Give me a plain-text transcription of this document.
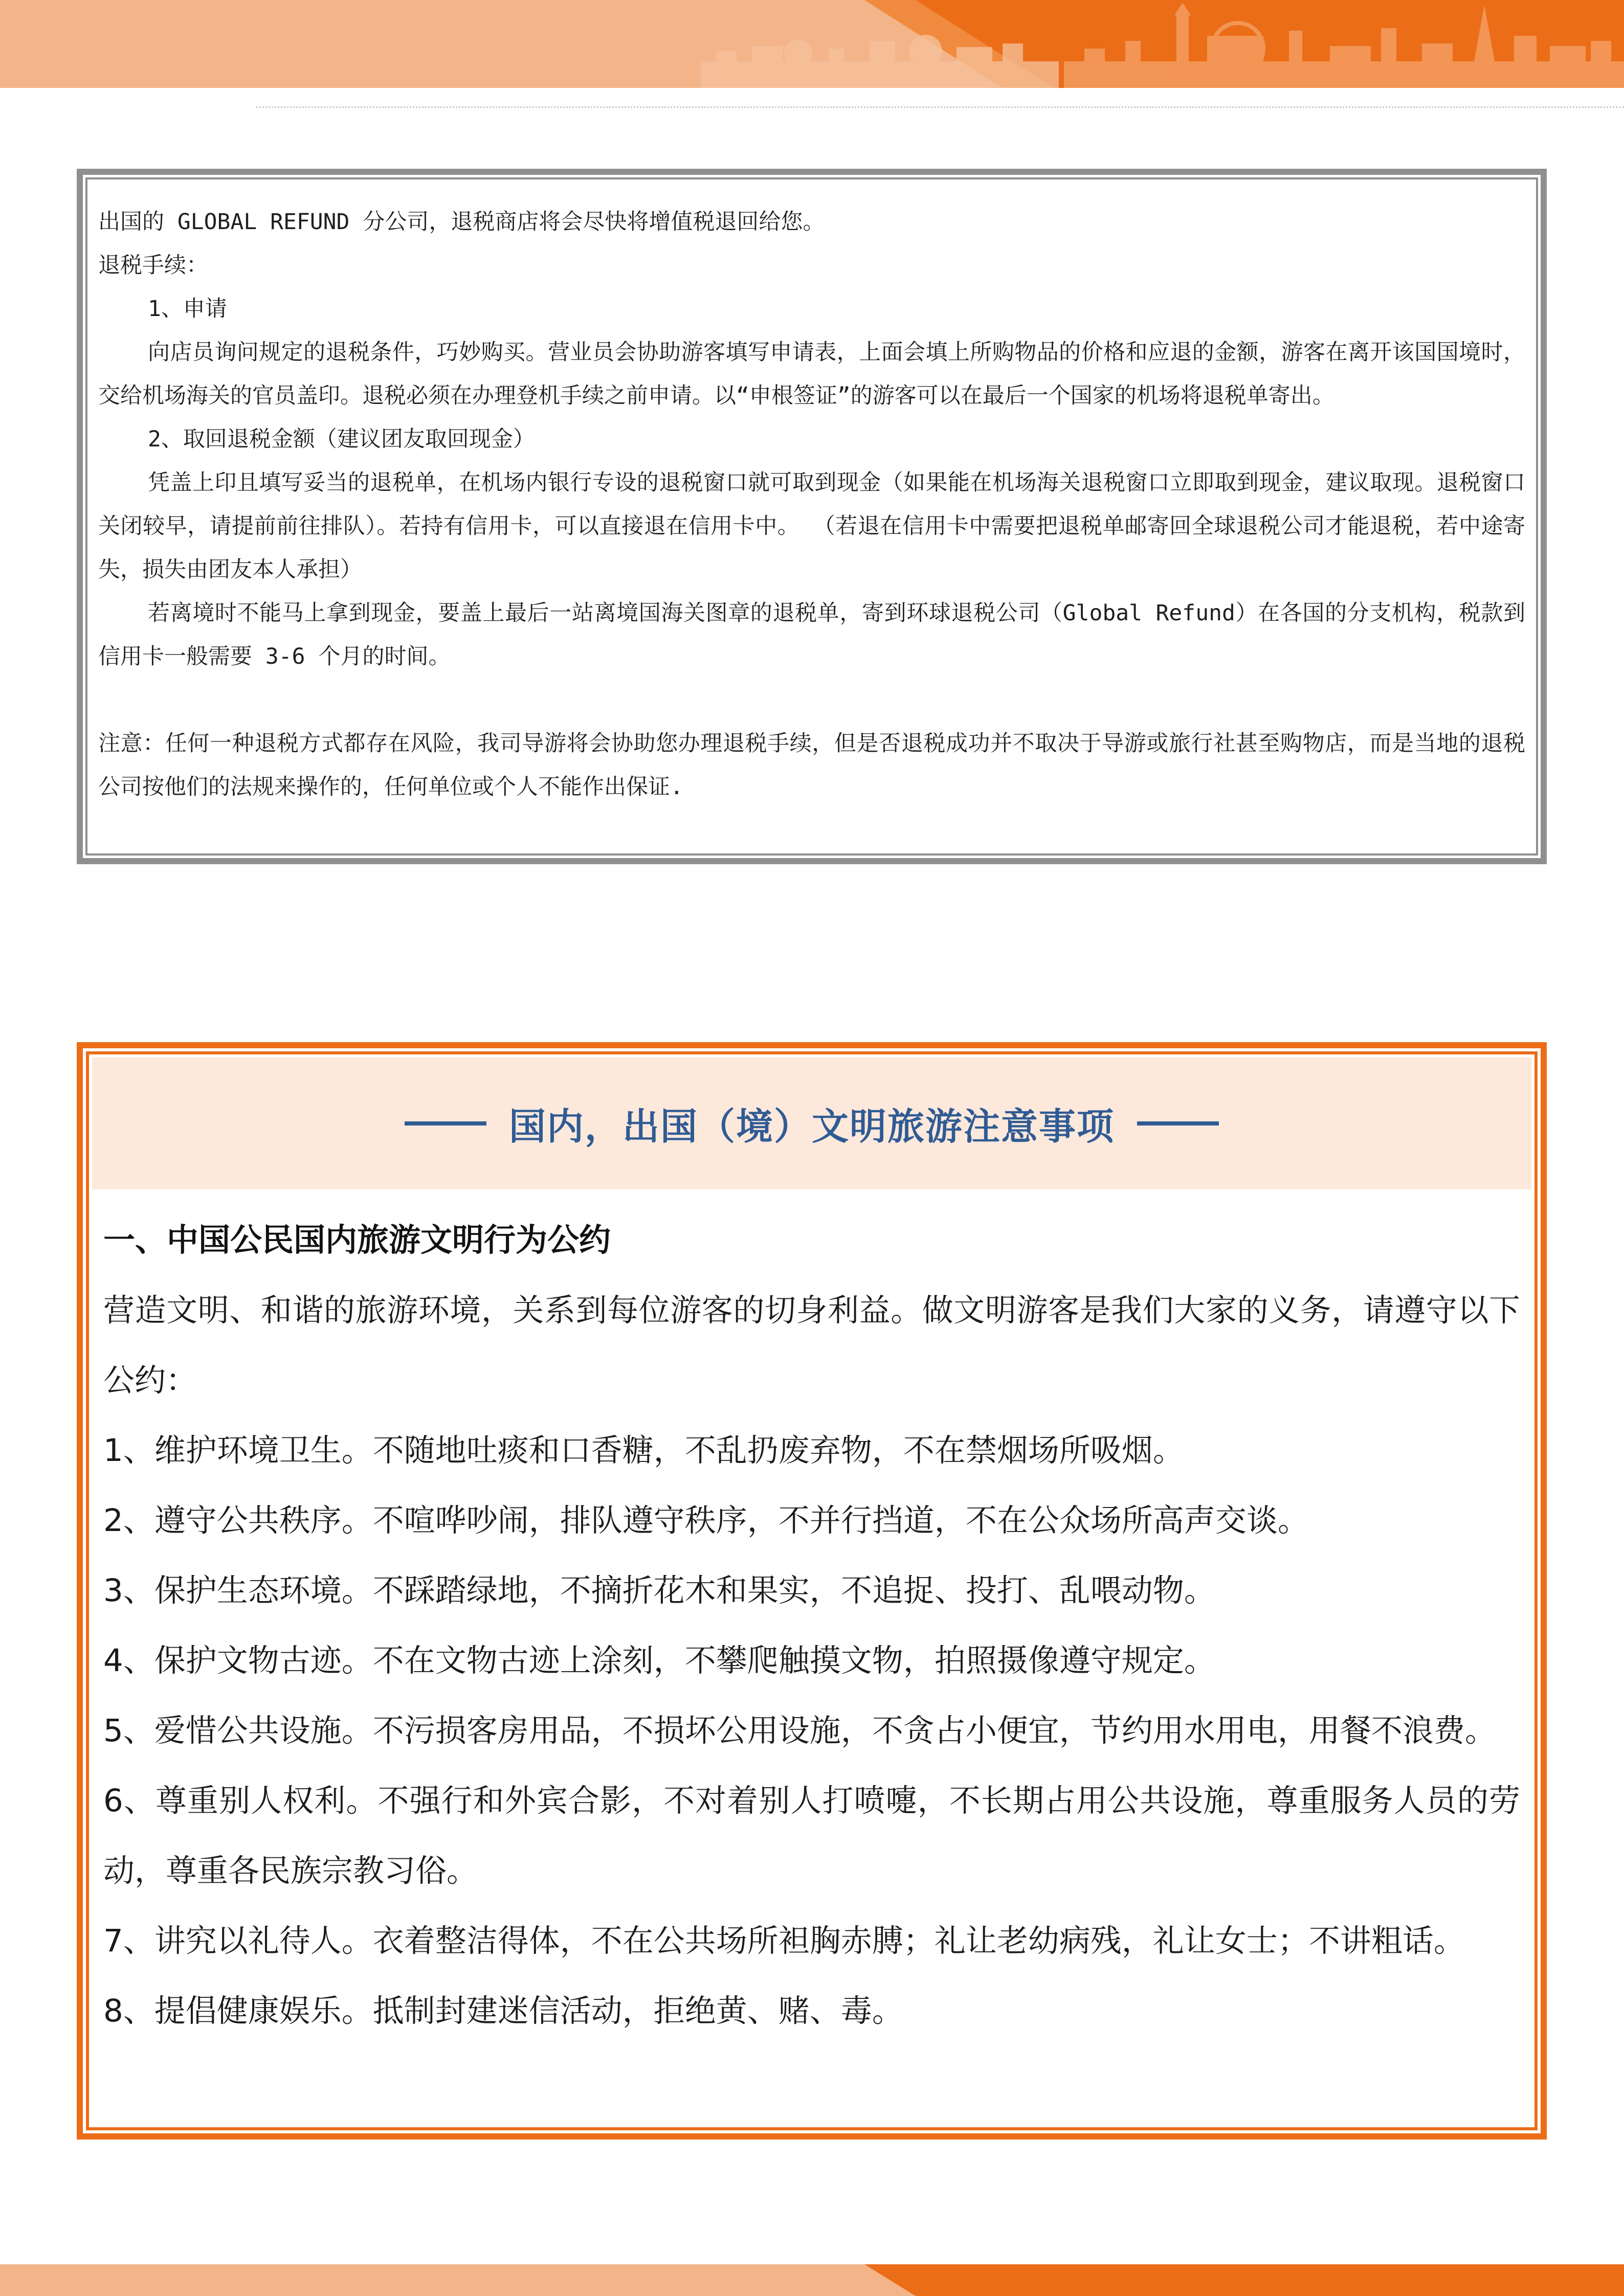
出国的 GLOBAL REFUND 分公司，退税商店将会尽快将增值税退回给您。

退税手续：

1、申请

向店员询问规定的退税条件，巧妙购买。营业员会协助游客填写申请表，上面会填上所购物品的价格和应退的金额，游客在离开该国国境时，交给机场海关的官员盖印。退税必须在办理登机手续之前申请。以“申根签证”的游客可以在最后一个国家的机场将退税单寄出。

2、取回退税金额（建议团友取回现金）

凭盖上印且填写妥当的退税单，在机场内银行专设的退税窗口就可取到现金（如果能在机场海关退税窗口立即取到现金，建议取现。退税窗口关闭较早，请提前前往排队）。若持有信用卡，可以直接退在信用卡中。 （若退在信用卡中需要把退税单邮寄回全球退税公司才能退税，若中途寄失，损失由团友本人承担）

若离境时不能马上拿到现金，要盖上最后一站离境国海关图章的退税单，寄到环球退税公司（Global Refund）在各国的分支机构，税款到信用卡一般需要 3-6 个月的时间。

注意：任何一种退税方式都存在风险，我司导游将会协助您办理退税手续，但是否退税成功并不取决于导游或旅行社甚至购物店，而是当地的退税公司按他们的法规来操作的，任何单位或个人不能作出保证.

国内，出国（境）文明旅游注意事项
一、中国公民国内旅游文明行为公约

营造文明、和谐的旅游环境，关系到每位游客的切身利益。做文明游客是我们大家的义务，请遵守以下公约：

1、维护环境卫生。不随地吐痰和口香糖，不乱扔废弃物，不在禁烟场所吸烟。

2、遵守公共秩序。不喧哗吵闹，排队遵守秩序，不并行挡道，不在公众场所高声交谈。

3、保护生态环境。不踩踏绿地，不摘折花木和果实，不追捉、投打、乱喂动物。

4、保护文物古迹。不在文物古迹上涂刻，不攀爬触摸文物，拍照摄像遵守规定。

5、爱惜公共设施。不污损客房用品，不损坏公用设施，不贪占小便宜，节约用水用电，用餐不浪费。

6、尊重别人权利。不强行和外宾合影，不对着别人打喷嚏，不长期占用公共设施，尊重服务人员的劳动，尊重各民族宗教习俗。

7、讲究以礼待人。衣着整洁得体，不在公共场所袒胸赤膊；礼让老幼病残，礼让女士；不讲粗话。

8、提倡健康娱乐。抵制封建迷信活动，拒绝黄、赌、毒。
